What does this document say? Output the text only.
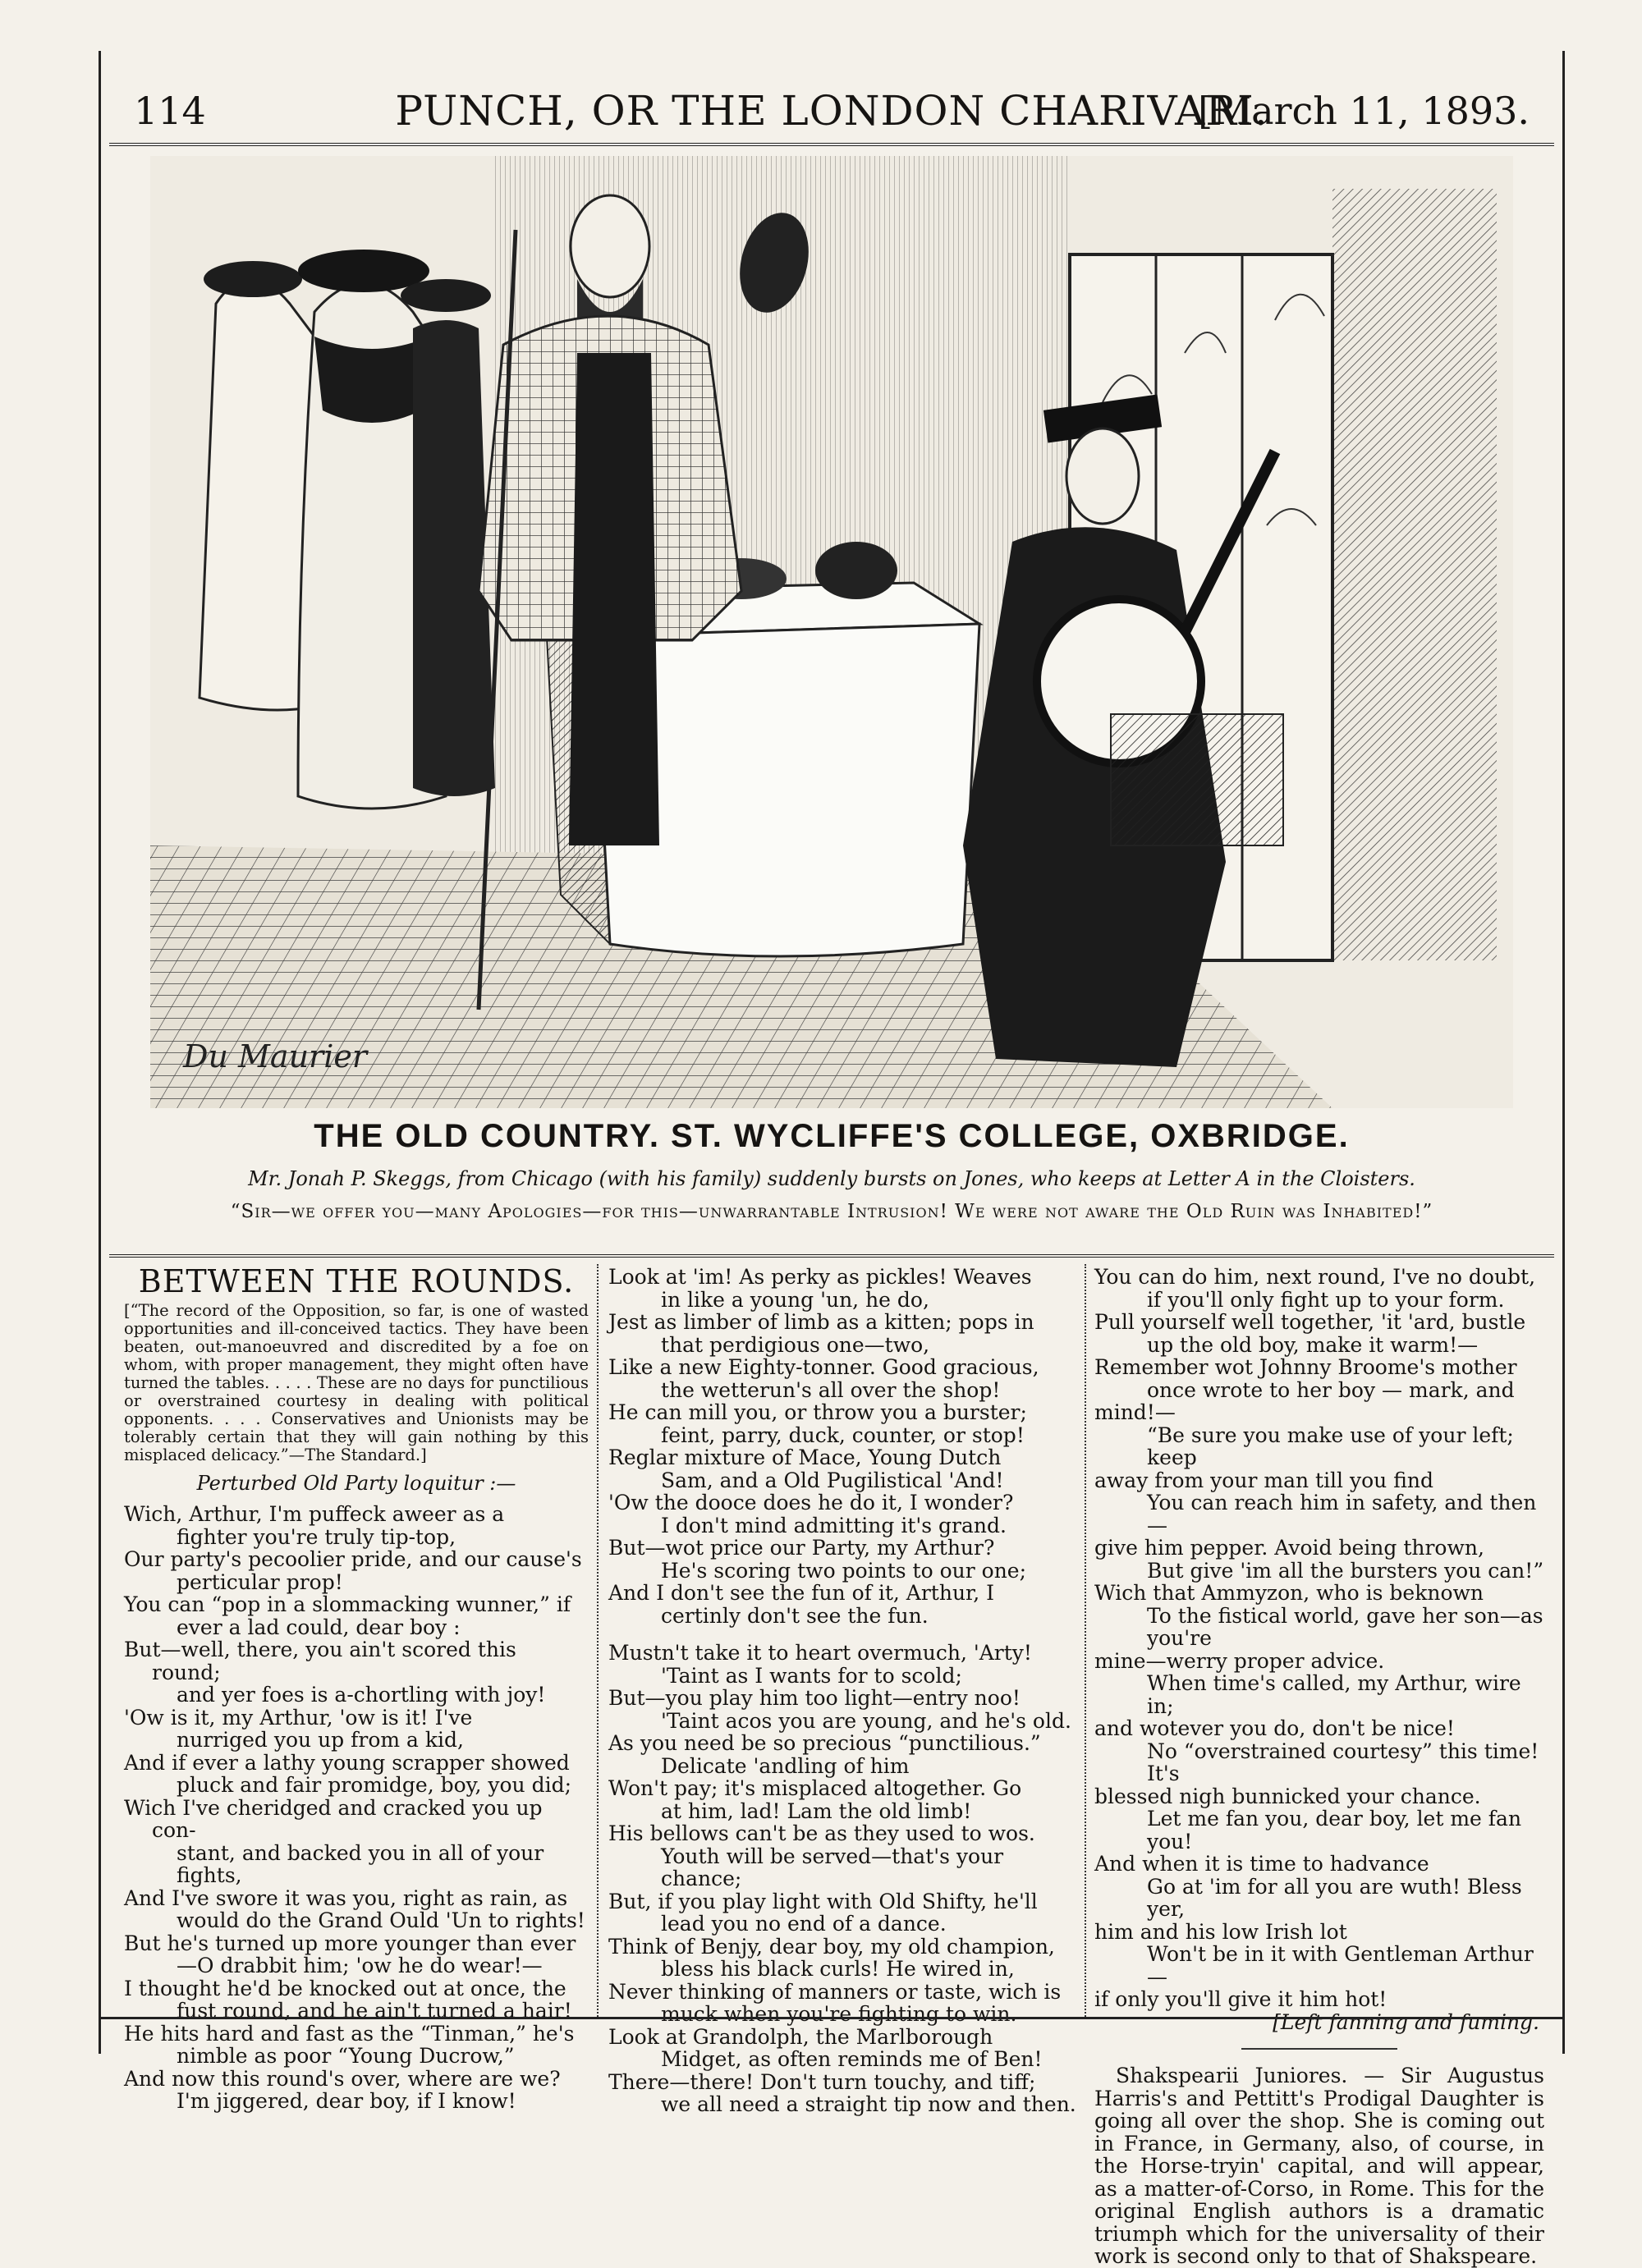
114	PUNCH, OR THE LONDON CHARIVARI.
[March 11, 1893.
Du Maurier
THE OLD COUNTRY. ST. WYCLIFFE'S COLLEGE, OXBRIDGE.
Mr. Jonah P. Skeggs, from Chicago (with his family) suddenly bursts on Jones, who keeps at Letter A in the Cloisters.
“Sir—we offer you—many Apologies—for this—unwarrantable Intrusion! We were not aware the Old Ruin was Inhabited!”

BETWEEN THE ROUNDS.

[“The record of the Opposition, so far, is one of wasted opportunities and ill-conceived tactics. They have been beaten, out-manoeuvred and discredited by a foe on whom, with proper management, they might often have turned the tables. . . . . These are no days for punctilious or overstrained courtesy in dealing with political opponents. . . . Conservatives and Unionists may be tolerably certain that they will gain nothing by this misplaced delicacy.”—The Standard.]

Perturbed Old Party loquitur :—

Wich, Arthur, I'm puffeck aweer as a

fighter you're truly tip-top,

Our party's pecoolier pride, and our cause's

perticular prop!

You can “pop in a slommacking wunner,” if

ever a lad could, dear boy :

But—well, there, you ain't scored this round;

and yer foes is a-chortling with joy!

'Ow is it, my Arthur, 'ow is it! I've

nurriged you up from a kid,

And if ever a lathy young scrapper showed

pluck and fair promidge, boy, you did;

Wich I've cheridged and cracked you up con-

stant, and backed you in all of your fights,

And I've swore it was you, right as rain, as

would do the Grand Ould 'Un to rights!

But he's turned up more younger than ever

—O drabbit him; 'ow he do wear!—

I thought he'd be knocked out at once, the

fust round, and he ain't turned a hair!

He hits hard and fast as the “Tinman,” he's

nimble as poor “Young Ducrow,”

And now this round's over, where are we?

I'm jiggered, dear boy, if I know!

Look at 'im! As perky as pickles! Weaves

in like a young 'un, he do,

Jest as limber of limb as a kitten; pops in

that perdigious one—two,

Like a new Eighty-tonner. Good gracious,

the wetterun's all over the shop!

He can mill you, or throw you a burster;

feint, parry, duck, counter, or stop!

Reglar mixture of Mace, Young Dutch

Sam, and a Old Pugilistical 'And!

'Ow the dooce does he do it, I wonder?

I don't mind admitting it's grand.

But—wot price our Party, my Arthur?

He's scoring two points to our one;

And I don't see the fun of it, Arthur, I

certinly don't see the fun.

Mustn't take it to heart overmuch, 'Arty!

'Taint as I wants for to scold;

But—you play him too light—entry noo!

'Taint acos you are young, and he's old.

As you need be so precious “punctilious.”

Delicate 'andling of him

Won't pay; it's misplaced altogether. Go

at him, lad! Lam the old limb!

His bellows can't be as they used to wos.

Youth will be served—that's your chance;

But, if you play light with Old Shifty, he'll

lead you no end of a dance.

Think of Benjy, dear boy, my old champion,

bless his black curls! He wired in,

Never thinking of manners or taste, wich is

muck when you're fighting to win.

Look at Grandolph, the Marlborough

Midget, as often reminds me of Ben!

There—there! Don't turn touchy, and tiff;

we all need a straight tip now and then.

You can do him, next round, I've no doubt,

if you'll only fight up to your form.

Pull yourself well together, 'it 'ard, bustle

up the old boy, make it warm!—

Remember wot Johnny Broome's mother

once wrote to her boy — mark, and

mind!—

“Be sure you make use of your left; keep

away from your man till you find

You can reach him in safety, and then—

give him pepper. Avoid being thrown,

But give 'im all the bursters you can!”

Wich that Ammyzon, who is beknown

To the fistical world, gave her son—as you're

mine—werry proper advice.

When time's called, my Arthur, wire in;

and wotever you do, don't be nice!

No “overstrained courtesy” this time! It's

blessed nigh bunnicked your chance.

Let me fan you, dear boy, let me fan you!

And when it is time to hadvance

Go at 'im for all you are wuth! Bless yer,

him and his low Irish lot

Won't be in it with Gentleman Arthur—

if only you'll give it him hot!

[Left fanning and fuming.

Shakspearii Juniores. — Sir Augustus Harris's and Pettitt's Prodigal Daughter is going all over the shop. She is coming out in France, in Germany, also, of course, in the Horse-tryin' capital, and will appear, as a matter-of-Corso, in Rome. This for the original English authors is a dramatic triumph which for the universality of their work is second only to that of Shakspeare.
